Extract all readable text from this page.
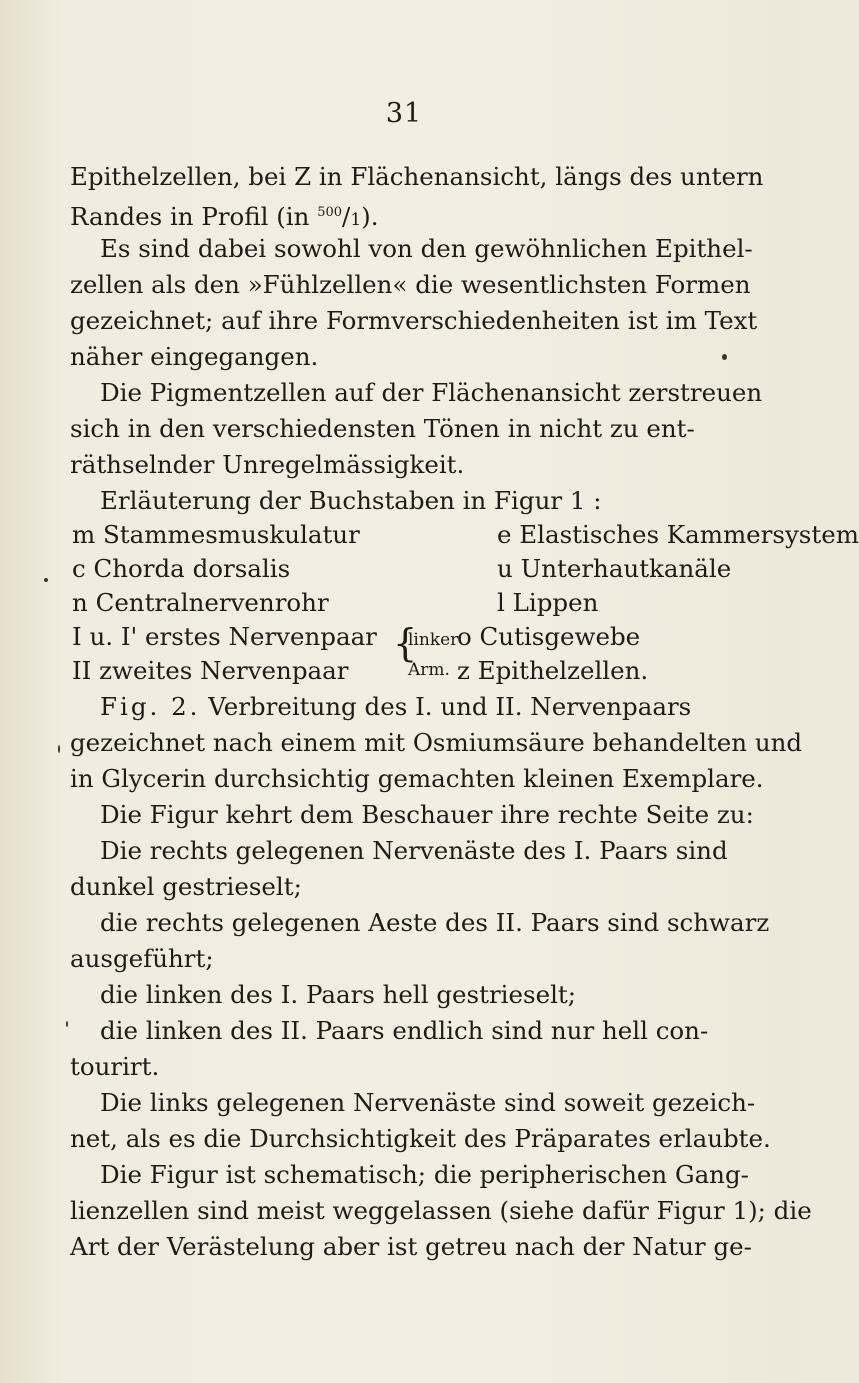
31
Epithelzellen, bei Z in Flächenansicht, längs des untern
Randes in Profil (in $^{500}$/1).
Es sind dabei sowohl von den gewöhnlichen Epithel-
zellen als den »Fühlzellen« die wesentlichsten Formen
gezeichnet; auf ihre Formverschiedenheiten ist im Text
näher eingegangen.
Die Pigmentzellen auf der Flächenansicht zerstreuen
sich in den verschiedensten Tönen in nicht zu ent-
räthselnder Unregelmässigkeit.
Erläuterung der Buchstaben in Figur 1 :
m Stammesmuskulatur
c Chorda dorsalis
n Centralnervenrohr
I u. I' erstes Nervenpaar
II zweites Nervenpaar
{
linker
Arm.
e Elastisches Kammersystem
u Unterhautkanäle
l Lippen
o Cutisgewebe
z Epithelzellen.
Fig. 2. Verbreitung des I. und II. Nervenpaars
gezeichnet nach einem mit Osmiumsäure behandelten und
in Glycerin durchsichtig gemachten kleinen Exemplare.
Die Figur kehrt dem Beschauer ihre rechte Seite zu:
Die rechts gelegenen Nervenäste des I. Paars sind
dunkel gestrieselt;
die rechts gelegenen Aeste des II. Paars sind schwarz
ausgeführt;
die linken des I. Paars hell gestrieselt;
die linken des II. Paars endlich sind nur hell con-
tourirt.
Die links gelegenen Nervenäste sind soweit gezeich-
net, als es die Durchsichtigkeit des Präparates erlaubte.
Die Figur ist schematisch; die peripherischen Gang-
lienzellen sind meist weggelassen (siehe dafür Figur 1); die
Art der Verästelung aber ist getreu nach der Natur ge-
